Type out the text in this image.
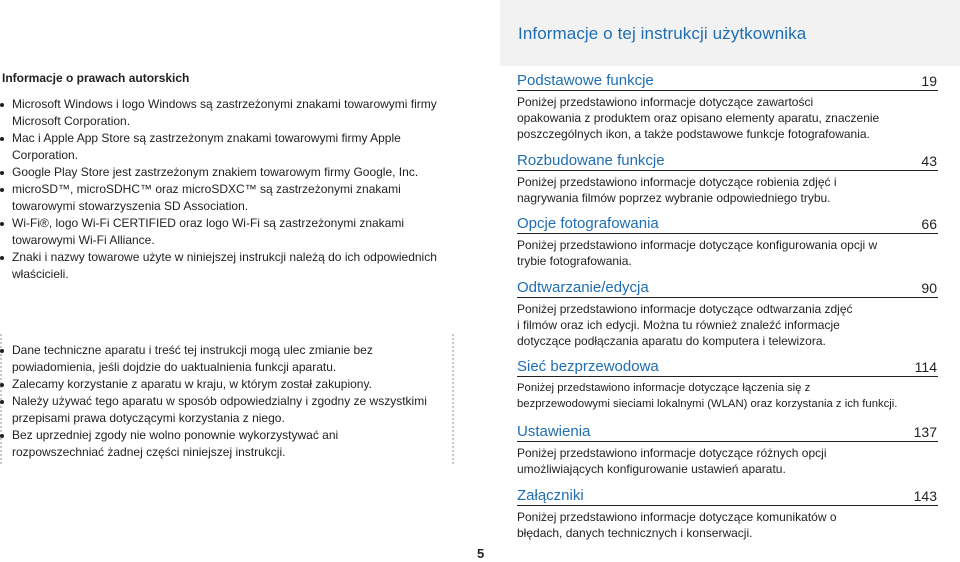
Informacje o tej instrukcji użytkownika
Informacje o prawach autorskich
Microsoft Windows i logo Windows są zastrzeżonymi znakami towarowymi firmy
Microsoft Corporation.
Mac i Apple App Store są zastrzeżonym znakami towarowymi firmy Apple
Corporation.
Google Play Store jest zastrzeżonym znakiem towarowym firmy Google, Inc.
microSD™, microSDHC™ oraz microSDXC™ są zastrzeżonymi znakami
towarowymi stowarzyszenia SD Association.
Wi-Fi®, logo Wi-Fi CERTIFIED oraz logo Wi-Fi są zastrzeżonymi znakami
towarowymi Wi-Fi Alliance.
Znaki i nazwy towarowe użyte w niniejszej instrukcji należą do ich odpowiednich
właścicieli.
Dane techniczne aparatu i treść tej instrukcji mogą ulec zmianie bez
powiadomienia, jeśli dojdzie do uaktualnienia funkcji aparatu.
Zalecamy korzystanie z aparatu w kraju, w którym został zakupiony.
Należy używać tego aparatu w sposób odpowiedzialny i zgodny ze wszystkimi
przepisami prawa dotyczącymi korzystania z niego.
Bez uprzedniej zgody nie wolno ponownie wykorzystywać ani
rozpowszechniać żadnej części niniejszej instrukcji.
5
Podstawowe funkcje	19

Poniżej przedstawiono informacje dotyczące zawartości

opakowania z produktem oraz opisano elementy aparatu, znaczenie

poszczególnych ikon, a także podstawowe funkcje fotografowania.

Rozbudowane funkcje	43

Poniżej przedstawiono informacje dotyczące robienia zdjęć i

nagrywania filmów poprzez wybranie odpowiedniego trybu.

Opcje fotografowania	66

Poniżej przedstawiono informacje dotyczące konfigurowania opcji w

trybie fotografowania.

Odtwarzanie/edycja	90

Poniżej przedstawiono informacje dotyczące odtwarzania zdjęć

i filmów oraz ich edycji. Można tu również znaleźć informacje

dotyczące podłączania aparatu do komputera i telewizora.

Sieć bezprzewodowa	114

Poniżej przedstawiono informacje dotyczące łączenia się z

bezprzewodowymi sieciami lokalnymi (WLAN) oraz korzystania z ich funkcji.

Ustawienia	137

Poniżej przedstawiono informacje dotyczące różnych opcji

umożliwiających konfigurowanie ustawień aparatu.

Załączniki	143

Poniżej przedstawiono informacje dotyczące komunikatów o

błędach, danych technicznych i konserwacji.
